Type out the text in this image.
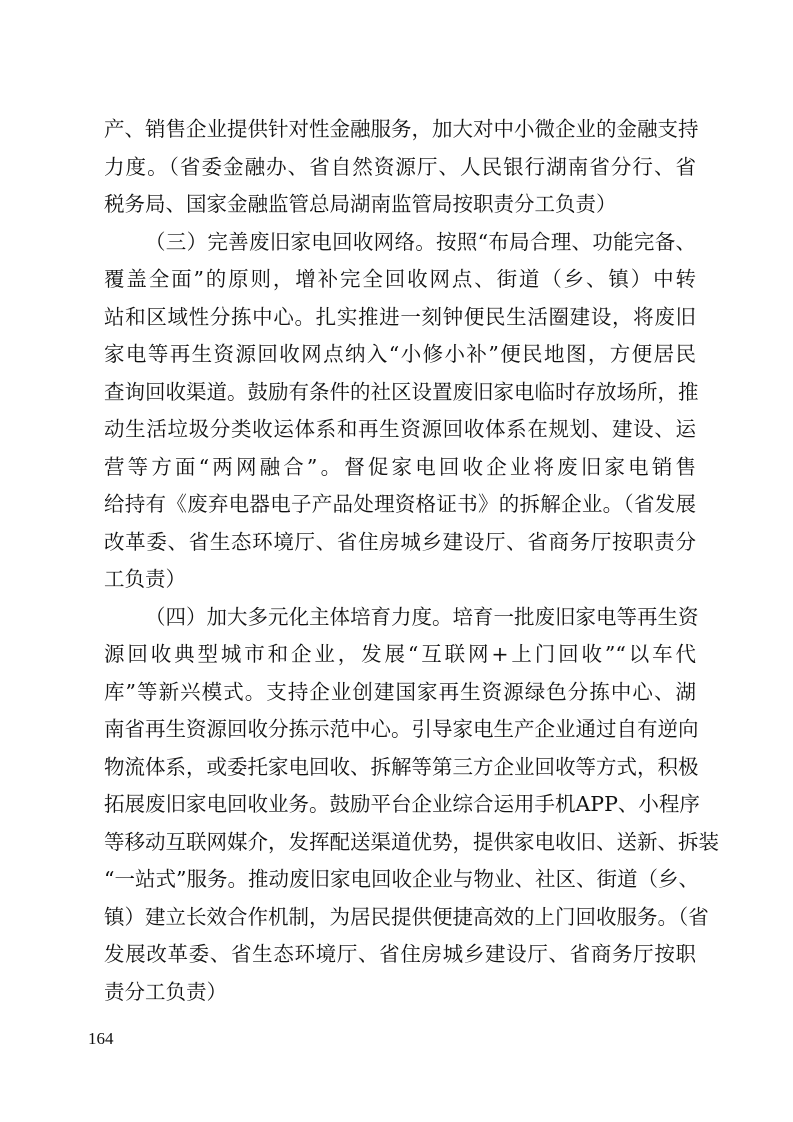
产、销售企业提供针对性金融服务，加大对中小微企业的金融支持
力度。（省委金融办、省自然资源厅、人民银行湖南省分行、省
税务局、国家金融监管总局湖南监管局按职责分工负责）
（三）完善废旧家电回收网络。按照“布局合理、功能完备、
覆盖全面”的原则，增补完全回收网点、街道（乡、镇）中转
站和区域性分拣中心。扎实推进一刻钟便民生活圈建设，将废旧
家电等再生资源回收网点纳入“小修小补”便民地图，方便居民
查询回收渠道。鼓励有条件的社区设置废旧家电临时存放场所，推
动生活垃圾分类收运体系和再生资源回收体系在规划、建设、运
营等方面“两网融合”。督促家电回收企业将废旧家电销售
给持有《废弃电器电子产品处理资格证书》的拆解企业。（省发展
改革委、省生态环境厅、省住房城乡建设厅、省商务厅按职责分
工负责）
（四）加大多元化主体培育力度。培育一批废旧家电等再生资
源回收典型城市和企业，发展“互联网+上门回收”“以车代
库”等新兴模式。支持企业创建国家再生资源绿色分拣中心、湖
南省再生资源回收分拣示范中心。引导家电生产企业通过自有逆向
物流体系，或委托家电回收、拆解等第三方企业回收等方式，积极
拓展废旧家电回收业务。鼓励平台企业综合运用手机APP、小程序
等移动互联网媒介，发挥配送渠道优势，提供家电收旧、送新、拆装
“一站式”服务。推动废旧家电回收企业与物业、社区、街道（乡、
镇）建立长效合作机制，为居民提供便捷高效的上门回收服务。（省
发展改革委、省生态环境厅、省住房城乡建设厅、省商务厅按职
责分工负责）
164
